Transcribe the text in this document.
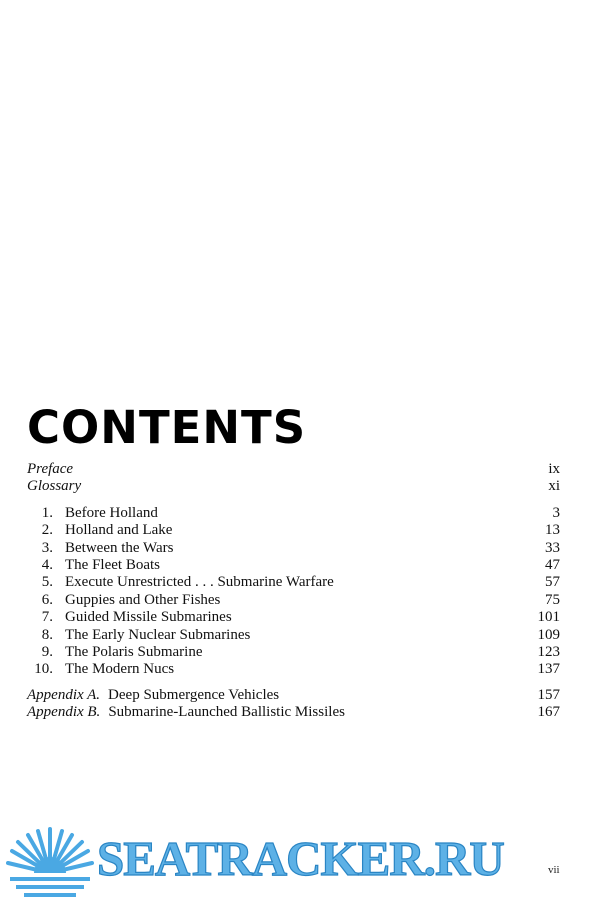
CONTENTS
Preface	ix
Glossary	xi
1. Before Holland	3
2. Holland and Lake	13
3. Between the Wars	33
4. The Fleet Boats	47
5. Execute Unrestricted . . . Submarine Warfare	57
6. Guppies and Other Fishes	75
7. Guided Missile Submarines	101
8. The Early Nuclear Submarines	109
9. The Polaris Submarine	123
10. The Modern Nucs	137
Appendix A. Deep Submergence Vehicles	157
Appendix B. Submarine-Launched Ballistic Missiles	167
SEATRACKER.RU	vii
